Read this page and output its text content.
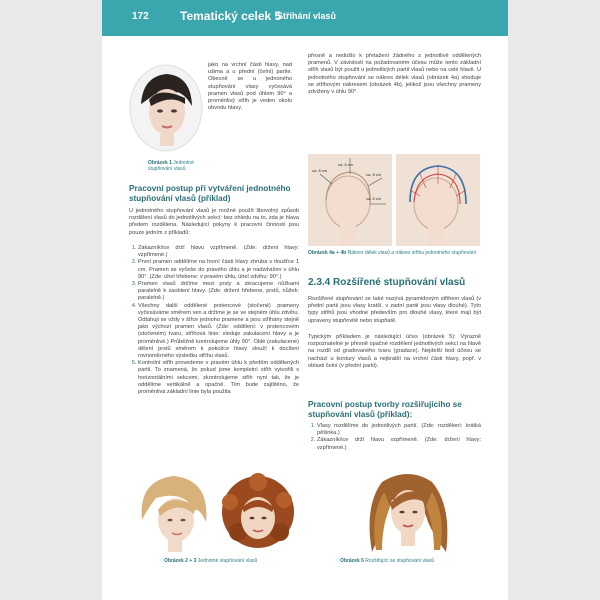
172	Tematický celek 5
Stříhání vlasů
jako na vrchní části hlavy, nad ušima a u přední (čelní) partie. Obecně se u jednoného stupňování vlasy vyčesává pramen vlasů pod úhlem 90° a proměnlivý střih je veden okolo obvodu hlavy.
Obrázek 1 Jednotné stupňování vlasů
Pracovní postup při vytváření jednotného stupňování vlasů (příklad)
U jednotného stupňování vlasů je možné použít libovolný způsob rozdělení vlasů do jednotlivých sekcí: bez ohledu na to, zda je hlava předem rozdělena. Následující pokyny k pracovní činnosti jsou pouze jedním z příkladů:
1. Zákazník/ice drží hlavu vzpřímeně. (Zde: držení hlavy: vzpřímené.)
2. První pramen oddělíme na horní části hlavy zhruba v tloušťce 1 cm. Pramen se vyčeše do pravého úhlu a je nadzdvižen v úhlu 90°. (Zde: úhel hřebene: v pravém úhlu, úhel zdvihu: 90°.)
3. Pramen vlasů držíme mezi prsty a zkracujeme nůžkami paralelně k zaoblení hlavy. (Zde: držení hřebene, prstů, nůžek: paralelně.)
4. Všechny další oddělené prstencové (stočené) prameny vyčesáváme směrem ven a držíme je se ve stejném úhlu zdvihu. Odtahuji se vždy v šířce jednoho pramene a jsou stříhány stejně jako výchozí pramen vlasů. (Zde: oddělení: v prstencovém (stočeném) tvaru, stříhová linie: sleduje zakulacení hlavy a je proměnlivé.) Průběžně kontrolujeme úhly 90°. Oblé (zakulacené) dělení prstů směrem k pokožce hlavy slouží k docílení rovnoměrného výsledku stříhu vlasů.
5. Kontrolní střih provedeme v pravém úhlu k předtím oddělených partií. To znamená, že pokud jsme kompletní střih vytvořili s horizontálními sekcemi, zkontrolujeme střih nyní tak, že je oddělíme vertikálně a opačně. Tím bude zajištěno, že proměnlivá základní linie byla použita
přesně a nedošlo k přetažení žádného z jednotlivě oddělených pramenů. V závislosti na požadovaném účesu může tento základní střih vlasů být použit u jednotlivých partií vlasů nebo na celé hlavě. U jednotného stupňování se nákres délek vlasů (obrázek 4a) shoduje se střihovým nákresem (obrázek 4b), jelikož jsou všechny prameny zdviženy v úhlu 90°.
ca. 8 cm
ca. 8 cm
ca. 8 cm
ca. 8 cm
Obrázek 4a + 4b Nákres délek vlasů a nákres střihu jednotného stupňování
2.3.4 Rozšířené stupňování vlasů
Rozšířené stupňování se také nazývá pyramidovým střihem vlasů (v přední partii jsou vlasy kratší, v zadní partii jsou vlasy dlouhé). Tyto typy střihů jsou vhodné především pro dlouhé vlasy, které mají být upraveny stupňovitě nebo stupňatě.
Typickým příkladem je následující účes (obrázek 5): Výrazně rozpoznatelné je přesně opačné rozdělení jednotlivých sekcí na hlavě na rozdíl od gradovaného tvaru (gradace). Nejdelší bod účesu se nachází u kontury vlasů a nejkratší na vrchní části hlavy, popř. v oblasti čelní (v přední partii).
Pracovní postup tvorby rozšiřujícího se stupňování vlasů (příklad):
1. Vlasy rozdělíme do jednotlivých partií. (Zde: rozdělení: krátká pěšinka.)
2. Zákazník/ice drží hlavu vzpřímeně. (Zde: držení hlavy: vzpřímené.)
Obrázek 2 + 3 Jednotné stupňování vlasů	Obrázek 5 Rozšiřující se stupňování vlasů
